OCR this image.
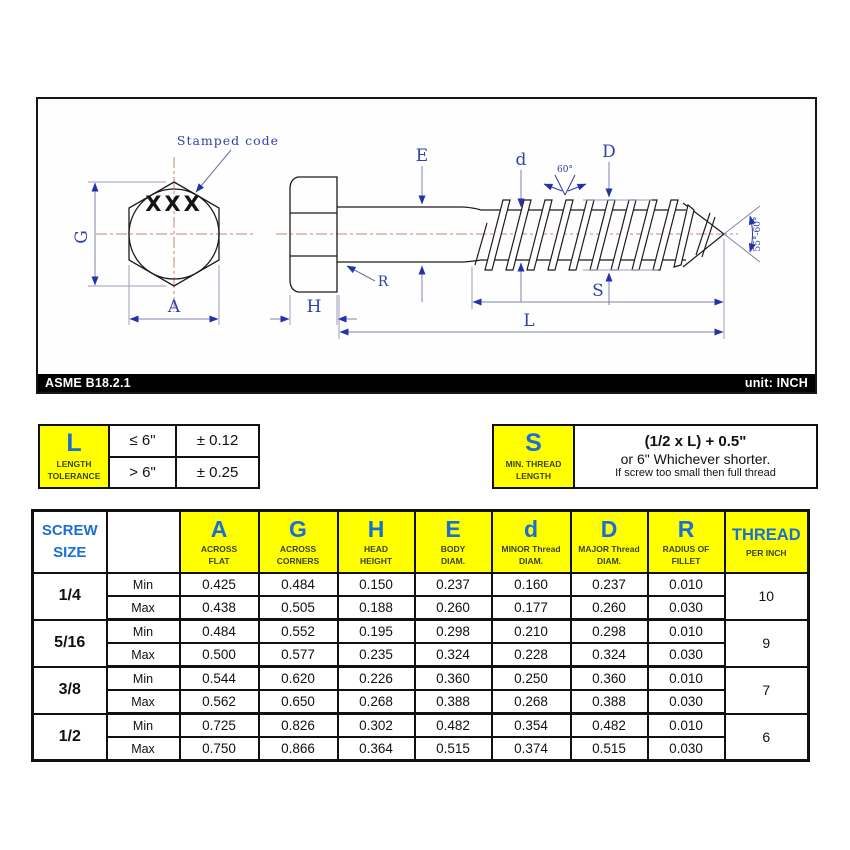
XXX
Stamped code
G
A
E	d	D
60°
55°-60°
R
H
S
L
ASME B18.2.1	unit: INCH
L
LENGTH
TOLERANCE
≤ 6"	± 0.12
> 6"	± 0.25
S
MIN. THREAD
LENGTH
(1/2 x L) + 0.5"
or 6" Whichever shorter.
If screw too small then full thread
SCREW
SIZE		A
ACROSS
FLAT	G
ACROSS
CORNERS	H
HEAD
HEIGHT	E
BODY
DIAM.	d
MINOR Thread
DIAM.	D
MAJOR Thread
DIAM.	R
RADIUS OF
FILLET	THREAD
PER INCH

1/4	Min	0.425	0.484	0.150	0.237	0.160	0.237	0.010	10
	Max	0.438	0.505	0.188	0.260	0.177	0.260	0.030	
5/16	Min	0.484	0.552	0.195	0.298	0.210	0.298	0.010	9
	Max	0.500	0.577	0.235	0.324	0.228	0.324	0.030	
3/8	Min	0.544	0.620	0.226	0.360	0.250	0.360	0.010	7
	Max	0.562	0.650	0.268	0.388	0.268	0.388	0.030	
1/2	Min	0.725	0.826	0.302	0.482	0.354	0.482	0.010	6
	Max	0.750	0.866	0.364	0.515	0.374	0.515	0.030	
